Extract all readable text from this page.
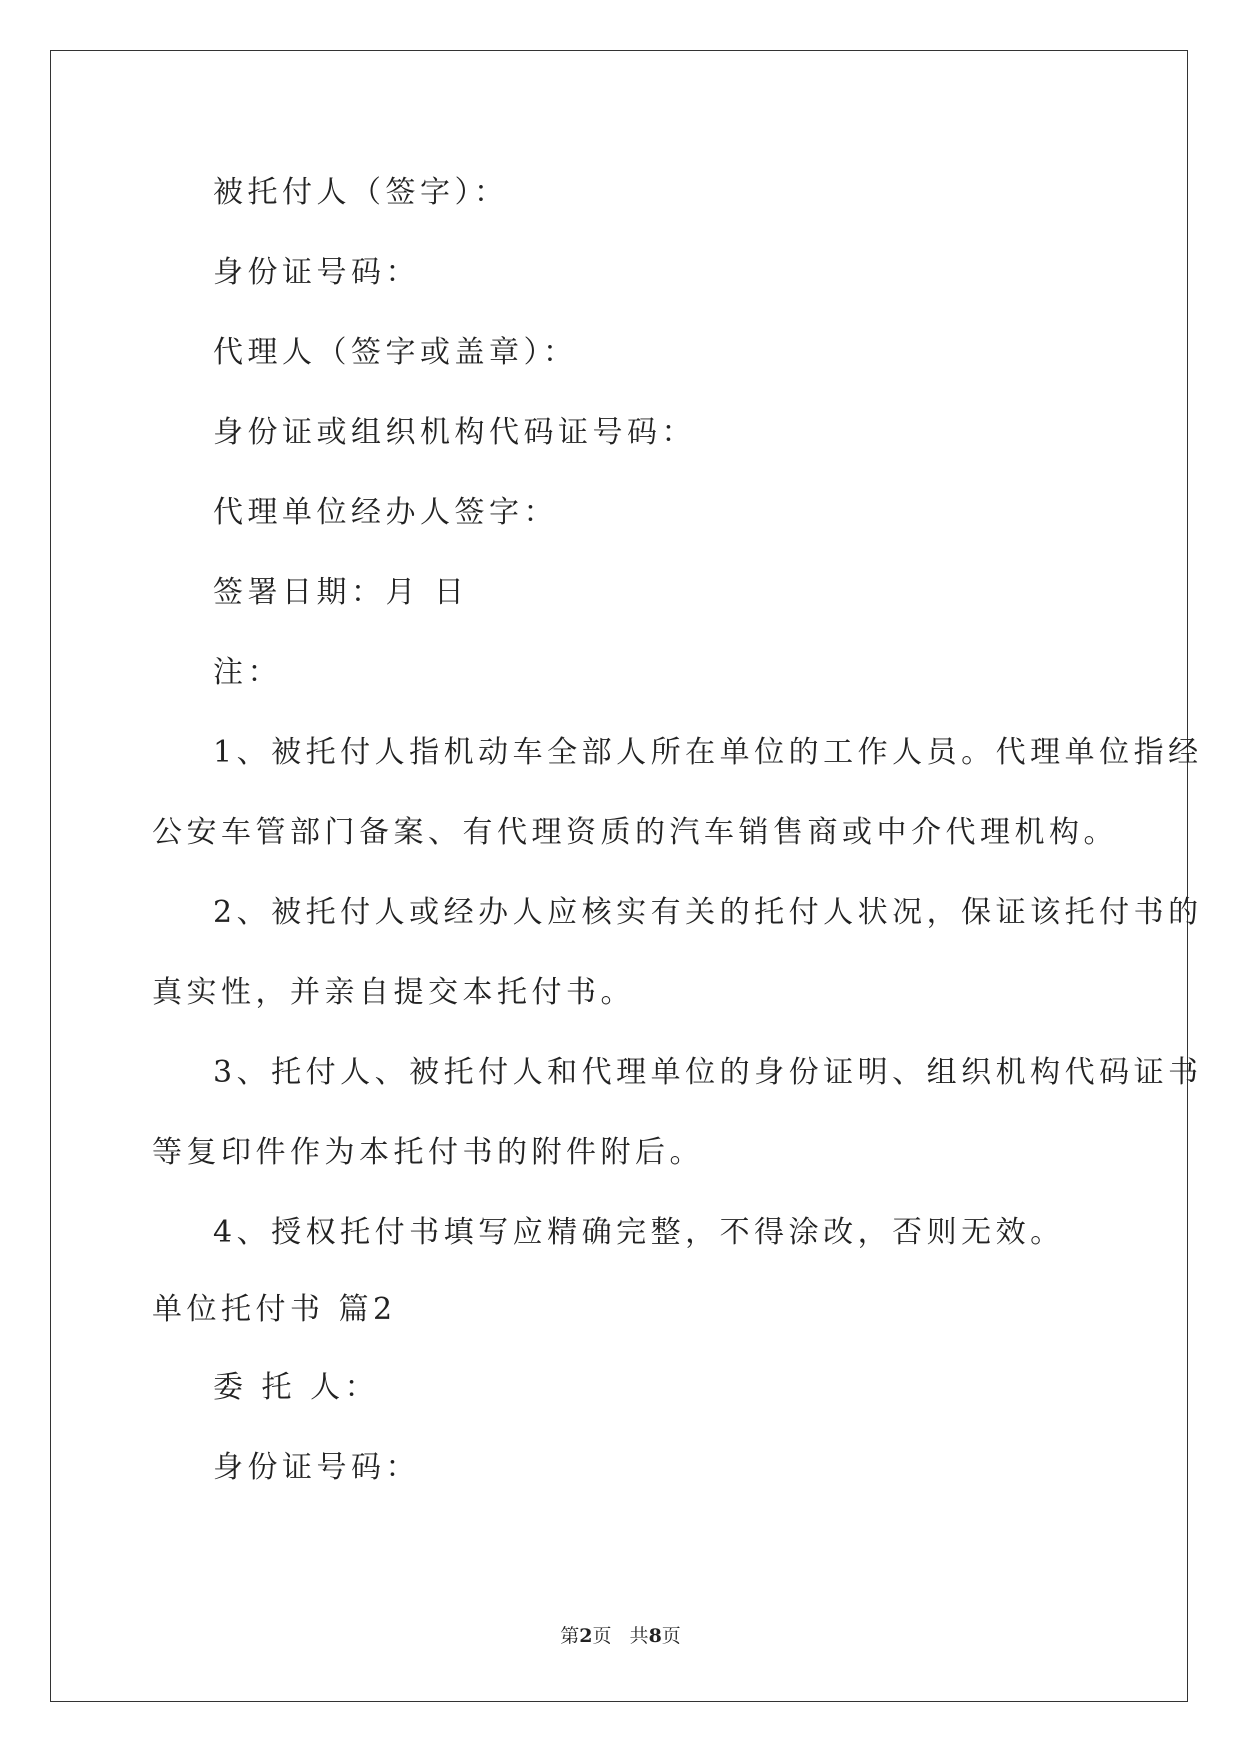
被托付人（签字）：
身份证号码：
代理人（签字或盖章）：
身份证或组织机构代码证号码：
代理单位经办人签字：
签署日期：月 日
注：
1、被托付人指机动车全部人所在单位的工作人员。代理单位指经
公安车管部门备案、有代理资质的汽车销售商或中介代理机构。
2、被托付人或经办人应核实有关的托付人状况，保证该托付书的
真实性，并亲自提交本托付书。
3、托付人、被托付人和代理单位的身份证明、组织机构代码证书
等复印件作为本托付书的附件附后。
4、授权托付书填写应精确完整，不得涂改，否则无效。
单位托付书 篇2
委 托 人：
身份证号码：
第2页   共8页
